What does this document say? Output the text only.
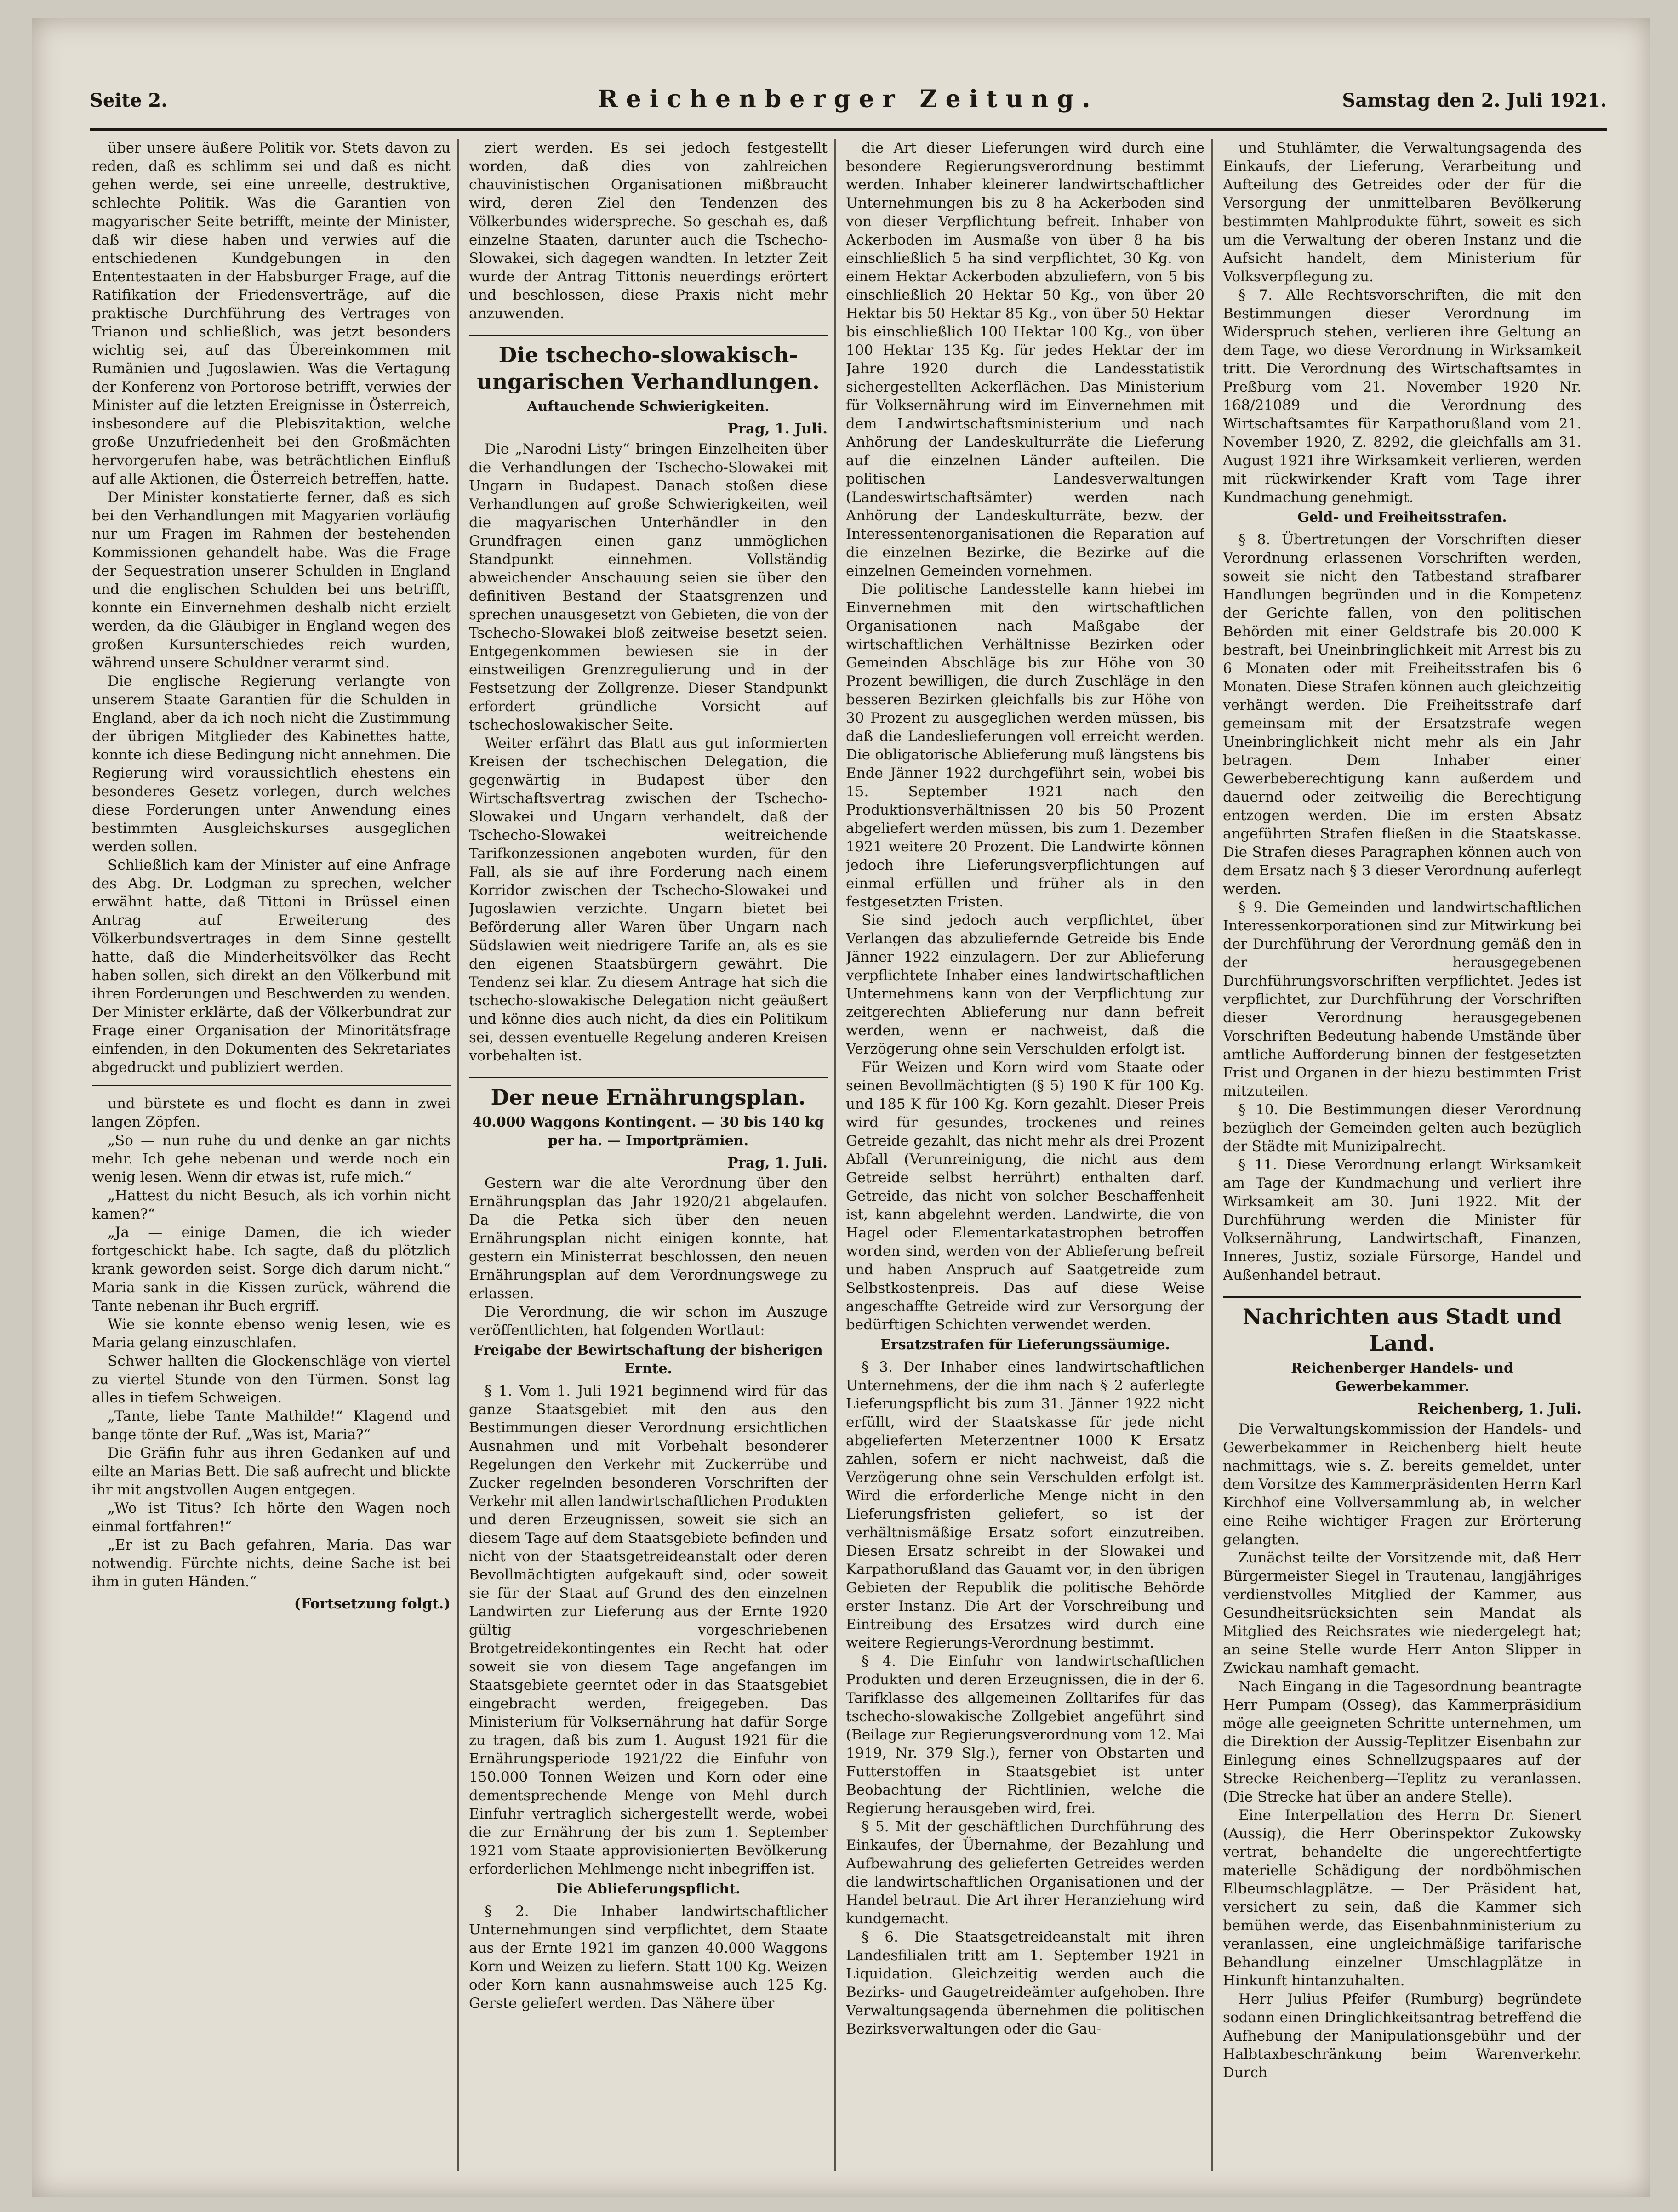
Reichenberger Zeitung.
Seite 2.	Samstag den 2. Juli 1921.

über unsere äußere Politik vor. Stets davon zu reden, daß es schlimm sei und daß es nicht gehen werde, sei eine unreelle, destruktive, schlechte Politik. Was die Garantien von magyarischer Seite betrifft, meinte der Minister, daß wir diese haben und verwies auf die entschiedenen Kundgebungen in den Ententestaaten in der Habsburger Frage, auf die Ratifikation der Friedensverträge, auf die praktische Durchführung des Vertrages von Trianon und schließlich, was jetzt besonders wichtig sei, auf das Übereinkommen mit Rumänien und Jugoslawien. Was die Vertagung der Konferenz von Portorose betrifft, verwies der Minister auf die letzten Ereignisse in Österreich, insbesondere auf die Plebiszitaktion, welche große Unzufriedenheit bei den Großmächten hervorgerufen habe, was beträchtlichen Einfluß auf alle Aktionen, die Österreich betreffen, hatte.

Der Minister konstatierte ferner, daß es sich bei den Verhandlungen mit Magyarien vorläufig nur um Fragen im Rahmen der bestehenden Kommissionen gehandelt habe. Was die Frage der Sequestration unserer Schulden in England und die englischen Schulden bei uns betrifft, konnte ein Einvernehmen deshalb nicht erzielt werden, da die Gläubiger in England wegen des großen Kursunterschiedes reich wurden, während unsere Schuldner verarmt sind.

Die englische Regierung verlangte von unserem Staate Garantien für die Schulden in England, aber da ich noch nicht die Zustimmung der übrigen Mitglieder des Kabinettes hatte, konnte ich diese Bedingung nicht annehmen. Die Regierung wird voraussichtlich ehestens ein besonderes Gesetz vorlegen, durch welches diese Forderungen unter Anwendung eines bestimmten Ausgleichskurses ausgeglichen werden sollen.

Schließlich kam der Minister auf eine Anfrage des Abg. Dr. Lodgman zu sprechen, welcher erwähnt hatte, daß Tittoni in Brüssel einen Antrag auf Erweiterung des Völkerbundsvertrages in dem Sinne gestellt hatte, daß die Minderheitsvölker das Recht haben sollen, sich direkt an den Völkerbund mit ihren Forderungen und Beschwerden zu wenden. Der Minister erklärte, daß der Völkerbundrat zur Frage einer Organisation der Minoritätsfrage einfenden, in den Dokumenten des Sekretariates abgedruckt und publiziert werden.

und bürstete es und flocht es dann in zwei langen Zöpfen.

„So — nun ruhe du und denke an gar nichts mehr. Ich gehe nebenan und werde noch ein wenig lesen. Wenn dir etwas ist, rufe mich.“

„Hattest du nicht Besuch, als ich vorhin nicht kamen?“

„Ja — einige Damen, die ich wieder fortgeschickt habe. Ich sagte, daß du plötzlich krank geworden seist. Sorge dich darum nicht.“ Maria sank in die Kissen zurück, während die Tante nebenan ihr Buch ergriff.

Wie sie konnte ebenso wenig lesen, wie es Maria gelang einzuschlafen.

Schwer hallten die Glockenschläge von viertel zu viertel Stunde von den Türmen. Sonst lag alles in tiefem Schweigen.

„Tante, liebe Tante Mathilde!“ Klagend und bange tönte der Ruf. „Was ist, Maria?“

Die Gräfin fuhr aus ihren Gedanken auf und eilte an Marias Bett. Die saß aufrecht und blickte ihr mit angstvollen Augen entgegen.

„Wo ist Titus? Ich hörte den Wagen noch einmal fortfahren!“

„Er ist zu Bach gefahren, Maria. Das war notwendig. Fürchte nichts, deine Sache ist bei ihm in guten Händen.“

(Fortsetzung folgt.)

ziert werden. Es sei jedoch festgestellt worden, daß dies von zahlreichen chauvinistischen Organisationen mißbraucht wird, deren Ziel den Tendenzen des Völkerbundes widerspreche. So geschah es, daß einzelne Staaten, darunter auch die Tschecho-Slowakei, sich dagegen wandten. In letzter Zeit wurde der Antrag Tittonis neuerdings erörtert und beschlossen, diese Praxis nicht mehr anzuwenden.

Die tschecho-slowakisch-ungarischen Verhandlungen.

Auftauchende Schwierigkeiten.

Prag, 1. Juli.

Die „Narodni Listy“ bringen Einzelheiten über die Verhandlungen der Tschecho-Slowakei mit Ungarn in Budapest. Danach stoßen diese Verhandlungen auf große Schwierigkeiten, weil die magyarischen Unterhändler in den Grundfragen einen ganz unmöglichen Standpunkt einnehmen. Vollständig abweichender Anschauung seien sie über den definitiven Bestand der Staatsgrenzen und sprechen unausgesetzt von Gebieten, die von der Tschecho-Slowakei bloß zeitweise besetzt seien. Entgegenkommen bewiesen sie in der einstweiligen Grenzregulierung und in der Festsetzung der Zollgrenze. Dieser Standpunkt erfordert gründliche Vorsicht auf tschechoslowakischer Seite.

Weiter erfährt das Blatt aus gut informierten Kreisen der tschechischen Delegation, die gegenwärtig in Budapest über den Wirtschaftsvertrag zwischen der Tschecho-Slowakei und Ungarn verhandelt, daß der Tschecho-Slowakei weitreichende Tarifkonzessionen angeboten wurden, für den Fall, als sie auf ihre Forderung nach einem Korridor zwischen der Tschecho-Slowakei und Jugoslawien verzichte. Ungarn bietet bei Beförderung aller Waren über Ungarn nach Südslawien weit niedrigere Tarife an, als es sie den eigenen Staatsbürgern gewährt. Die Tendenz sei klar. Zu diesem Antrage hat sich die tschecho-slowakische Delegation nicht geäußert und könne dies auch nicht, da dies ein Politikum sei, dessen eventuelle Regelung anderen Kreisen vorbehalten ist.

Der neue Ernährungsplan.

40.000 Waggons Kontingent. — 30 bis 140 kg per ha. — Importprämien.

Prag, 1. Juli.

Gestern war die alte Verordnung über den Ernährungsplan das Jahr 1920/21 abgelaufen. Da die Petka sich über den neuen Ernährungsplan nicht einigen konnte, hat gestern ein Ministerrat beschlossen, den neuen Ernährungsplan auf dem Verordnungswege zu erlassen.

Die Verordnung, die wir schon im Auszuge veröffentlichten, hat folgenden Wortlaut:

Freigabe der Bewirtschaftung der bisherigen Ernte.

§ 1. Vom 1. Juli 1921 beginnend wird für das ganze Staatsgebiet mit den aus den Bestimmungen dieser Verordnung ersichtlichen Ausnahmen und mit Vorbehalt besonderer Regelungen den Verkehr mit Zuckerrübe und Zucker regelnden besonderen Vorschriften der Verkehr mit allen landwirtschaftlichen Produkten und deren Erzeugnissen, soweit sie sich an diesem Tage auf dem Staatsgebiete befinden und nicht von der Staatsgetreideanstalt oder deren Bevollmächtigten aufgekauft sind, oder soweit sie für der Staat auf Grund des den einzelnen Landwirten zur Lieferung aus der Ernte 1920 gültig vorgeschriebenen Brotgetreidekontingentes ein Recht hat oder soweit sie von diesem Tage angefangen im Staatsgebiete geerntet oder in das Staatsgebiet eingebracht werden, freigegeben. Das Ministerium für Volksernährung hat dafür Sorge zu tragen, daß bis zum 1. August 1921 für die Ernährungsperiode 1921/22 die Einfuhr von 150.000 Tonnen Weizen und Korn oder eine dementsprechende Menge von Mehl durch Einfuhr vertraglich sichergestellt werde, wobei die zur Ernährung der bis zum 1. September 1921 vom Staate approvisionierten Bevölkerung erforderlichen Mehlmenge nicht inbegriffen ist.

Die Ablieferungspflicht.

§ 2. Die Inhaber landwirtschaftlicher Unternehmungen sind verpflichtet, dem Staate aus der Ernte 1921 im ganzen 40.000 Waggons Korn und Weizen zu liefern. Statt 100 Kg. Weizen oder Korn kann ausnahmsweise auch 125 Kg. Gerste geliefert werden. Das Nähere über

die Art dieser Lieferungen wird durch eine besondere Regierungsverordnung bestimmt werden. Inhaber kleinerer landwirtschaftlicher Unternehmungen bis zu 8 ha Ackerboden sind von dieser Verpflichtung befreit. Inhaber von Ackerboden im Ausmaße von über 8 ha bis einschließlich 5 ha sind verpflichtet, 30 Kg. von einem Hektar Ackerboden abzuliefern, von 5 bis einschließlich 20 Hektar 50 Kg., von über 20 Hektar bis 50 Hektar 85 Kg., von über 50 Hektar bis einschließlich 100 Hektar 100 Kg., von über 100 Hektar 135 Kg. für jedes Hektar der im Jahre 1920 durch die Landesstatistik sichergestellten Ackerflächen. Das Ministerium für Volksernährung wird im Einvernehmen mit dem Landwirtschaftsministerium und nach Anhörung der Landeskulturräte die Lieferung auf die einzelnen Länder aufteilen. Die politischen Landesverwaltungen (Landeswirtschaftsämter) werden nach Anhörung der Landeskulturräte, bezw. der Interessentenorganisationen die Reparation auf die einzelnen Bezirke, die Bezirke auf die einzelnen Gemeinden vornehmen.

Die politische Landesstelle kann hiebei im Einvernehmen mit den wirtschaftlichen Organisationen nach Maßgabe der wirtschaftlichen Verhältnisse Bezirken oder Gemeinden Abschläge bis zur Höhe von 30 Prozent bewilligen, die durch Zuschläge in den besseren Bezirken gleichfalls bis zur Höhe von 30 Prozent zu ausgeglichen werden müssen, bis daß die Landeslieferungen voll erreicht werden. Die obligatorische Ablieferung muß längstens bis Ende Jänner 1922 durchgeführt sein, wobei bis 15. September 1921 nach den Produktionsverhältnissen 20 bis 50 Prozent abgeliefert werden müssen, bis zum 1. Dezember 1921 weitere 20 Prozent. Die Landwirte können jedoch ihre Lieferungsverpflichtungen auf einmal erfüllen und früher als in den festgesetzten Fristen.

Sie sind jedoch auch verpflichtet, über Verlangen das abzuliefernde Getreide bis Ende Jänner 1922 einzulagern. Der zur Ablieferung verpflichtete Inhaber eines landwirtschaftlichen Unternehmens kann von der Verpflichtung zur zeitgerechten Ablieferung nur dann befreit werden, wenn er nachweist, daß die Verzögerung ohne sein Verschulden erfolgt ist.

Für Weizen und Korn wird vom Staate oder seinen Bevollmächtigten (§ 5) 190 K für 100 Kg. und 185 K für 100 Kg. Korn gezahlt. Dieser Preis wird für gesundes, trockenes und reines Getreide gezahlt, das nicht mehr als drei Prozent Abfall (Verunreinigung, die nicht aus dem Getreide selbst herrührt) enthalten darf. Getreide, das nicht von solcher Beschaffenheit ist, kann abgelehnt werden. Landwirte, die von Hagel oder Elementarkatastrophen betroffen worden sind, werden von der Ablieferung befreit und haben Anspruch auf Saatgetreide zum Selbstkostenpreis. Das auf diese Weise angeschaffte Getreide wird zur Versorgung der bedürftigen Schichten verwendet werden.

Ersatzstrafen für Lieferungssäumige.

§ 3. Der Inhaber eines landwirtschaftlichen Unternehmens, der die ihm nach § 2 auferlegte Lieferungspflicht bis zum 31. Jänner 1922 nicht erfüllt, wird der Staatskasse für jede nicht abgelieferten Meterzentner 1000 K Ersatz zahlen, sofern er nicht nachweist, daß die Verzögerung ohne sein Verschulden erfolgt ist. Wird die erforderliche Menge nicht in den Lieferungsfristen geliefert, so ist der verhältnismäßige Ersatz sofort einzutreiben. Diesen Ersatz schreibt in der Slowakei und Karpathorußland das Gauamt vor, in den übrigen Gebieten der Republik die politische Behörde erster Instanz. Die Art der Vorschreibung und Eintreibung des Ersatzes wird durch eine weitere Regierungs-Verordnung bestimmt.

§ 4. Die Einfuhr von landwirtschaftlichen Produkten und deren Erzeugnissen, die in der 6. Tarifklasse des allgemeinen Zolltarifes für das tschecho-slowakische Zollgebiet angeführt sind (Beilage zur Regierungsverordnung vom 12. Mai 1919, Nr. 379 Slg.), ferner von Obstarten und Futterstoffen in Staatsgebiet ist unter Beobachtung der Richtlinien, welche die Regierung herausgeben wird, frei.

§ 5. Mit der geschäftlichen Durchführung des Einkaufes, der Übernahme, der Bezahlung und Aufbewahrung des gelieferten Getreides werden die landwirtschaftlichen Organisationen und der Handel betraut. Die Art ihrer Heranziehung wird kundgemacht.

§ 6. Die Staatsgetreideanstalt mit ihren Landesfilialen tritt am 1. September 1921 in Liquidation. Gleichzeitig werden auch die Bezirks- und Gaugetreideämter aufgehoben. Ihre Verwaltungsagenda übernehmen die politischen Bezirksverwaltungen oder die Gau-

und Stuhlämter, die Verwaltungsagenda des Einkaufs, der Lieferung, Verarbeitung und Aufteilung des Getreides oder der für die Versorgung der unmittelbaren Bevölkerung bestimmten Mahlprodukte führt, soweit es sich um die Verwaltung der oberen Instanz und die Aufsicht handelt, dem Ministerium für Volksverpflegung zu.

§ 7. Alle Rechtsvorschriften, die mit den Bestimmungen dieser Verordnung im Widerspruch stehen, verlieren ihre Geltung an dem Tage, wo diese Verordnung in Wirksamkeit tritt. Die Verordnung des Wirtschaftsamtes in Preßburg vom 21. November 1920 Nr. 168/21089 und die Verordnung des Wirtschaftsamtes für Karpathorußland vom 21. November 1920, Z. 8292, die gleichfalls am 31. August 1921 ihre Wirksamkeit verlieren, werden mit rückwirkender Kraft vom Tage ihrer Kundmachung genehmigt.

Geld- und Freiheitsstrafen.

§ 8. Übertretungen der Vorschriften dieser Verordnung erlassenen Vorschriften werden, soweit sie nicht den Tatbestand strafbarer Handlungen begründen und in die Kompetenz der Gerichte fallen, von den politischen Behörden mit einer Geldstrafe bis 20.000 K bestraft, bei Uneinbringlichkeit mit Arrest bis zu 6 Monaten oder mit Freiheitsstrafen bis 6 Monaten. Diese Strafen können auch gleichzeitig verhängt werden. Die Freiheitsstrafe darf gemeinsam mit der Ersatzstrafe wegen Uneinbringlichkeit nicht mehr als ein Jahr betragen. Dem Inhaber einer Gewerbeberechtigung kann außerdem und dauernd oder zeitweilig die Berechtigung entzogen werden. Die im ersten Absatz angeführten Strafen fließen in die Staatskasse. Die Strafen dieses Paragraphen können auch von dem Ersatz nach § 3 dieser Verordnung auferlegt werden.

§ 9. Die Gemeinden und landwirtschaftlichen Interessenkorporationen sind zur Mitwirkung bei der Durchführung der Verordnung gemäß den in der herausgegebenen Durchführungsvorschriften verpflichtet. Jedes ist verpflichtet, zur Durchführung der Vorschriften dieser Verordnung herausgegebenen Vorschriften Bedeutung habende Umstände über amtliche Aufforderung binnen der festgesetzten Frist und Organen in der hiezu bestimmten Frist mitzuteilen.

§ 10. Die Bestimmungen dieser Verordnung bezüglich der Gemeinden gelten auch bezüglich der Städte mit Munizipalrecht.

§ 11. Diese Verordnung erlangt Wirksamkeit am Tage der Kundmachung und verliert ihre Wirksamkeit am 30. Juni 1922. Mit der Durchführung werden die Minister für Volksernährung, Landwirtschaft, Finanzen, Inneres, Justiz, soziale Fürsorge, Handel und Außenhandel betraut.

Nachrichten aus Stadt und Land.

Reichenberger Handels- und Gewerbekammer.

Reichenberg, 1. Juli.

Die Verwaltungskommission der Handels- und Gewerbekammer in Reichenberg hielt heute nachmittags, wie s. Z. bereits gemeldet, unter dem Vorsitze des Kammerpräsidenten Herrn Karl Kirchhof eine Vollversammlung ab, in welcher eine Reihe wichtiger Fragen zur Erörterung gelangten.

Zunächst teilte der Vorsitzende mit, daß Herr Bürgermeister Siegel in Trautenau, langjähriges verdienstvolles Mitglied der Kammer, aus Gesundheitsrücksichten sein Mandat als Mitglied des Reichsrates wie niedergelegt hat; an seine Stelle wurde Herr Anton Slipper in Zwickau namhaft gemacht.

Nach Eingang in die Tagesordnung beantragte Herr Pumpam (Osseg), das Kammerpräsidium möge alle geeigneten Schritte unternehmen, um die Direktion der Aussig-Teplitzer Eisenbahn zur Einlegung eines Schnellzugspaares auf der Strecke Reichenberg—Teplitz zu veranlassen. (Die Strecke hat über an andere Stelle).

Eine Interpellation des Herrn Dr. Sienert (Aussig), die Herr Oberinspektor Zukowsky vertrat, behandelte die ungerechtfertigte materielle Schädigung der nordböhmischen Elbeumschlagplätze. — Der Präsident hat, versichert zu sein, daß die Kammer sich bemühen werde, das Eisenbahnministerium zu veranlassen, eine ungleichmäßige tarifarische Behandlung einzelner Umschlagplätze in Hinkunft hintanzuhalten.

Herr Julius Pfeifer (Rumburg) begründete sodann einen Dringlichkeitsantrag betreffend die Aufhebung der Manipulationsgebühr und der Halbtaxbeschränkung beim Warenverkehr. Durch
